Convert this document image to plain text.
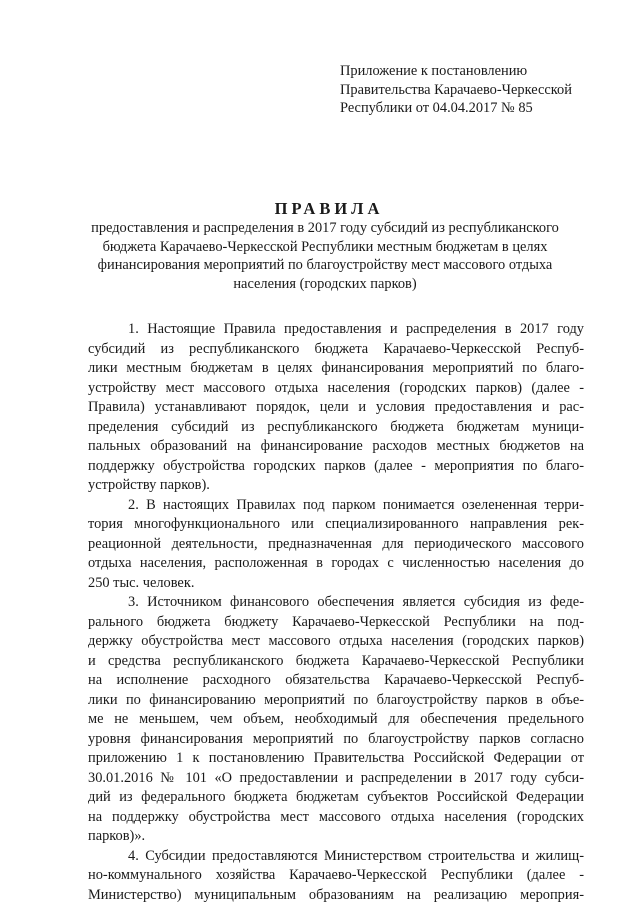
Приложение к постановлению
Правительства Карачаево-Черкесской
Республики от 04.04.2017 № 85
ПРАВИЛА
предоставления и распределения в 2017 году субсидий из республиканского
бюджета Карачаево-Черкесской Республики местным бюджетам в целях
финансирования мероприятий по благоустройству мест массового отдыха
населения (городских парков)
1. Настоящие Правила предоставления и распределения в 2017 году
субсидий из республиканского бюджета Карачаево-Черкесской Респуб-
лики местным бюджетам в целях финансирования мероприятий по благо-
устройству мест массового отдыха населения (городских парков) (далее -
Правила) устанавливают порядок, цели и условия предоставления и рас-
пределения субсидий из республиканского бюджета бюджетам муници-
пальных образований на финансирование расходов местных бюджетов на
поддержку обустройства городских парков (далее - мероприятия по благо-
устройству парков).
2. В настоящих Правилах под парком понимается озелененная терри-
тория многофункционального или специализированного направления рек-
реационной деятельности, предназначенная для периодического массового
отдыха населения, расположенная в городах с численностью населения до
250 тыс. человек.
3. Источником финансового обеспечения является субсидия из феде-
рального бюджета бюджету Карачаево-Черкесской Республики на под-
держку обустройства мест массового отдыха населения (городских парков)
и средства республиканского бюджета Карачаево-Черкесской Республики
на исполнение расходного обязательства Карачаево-Черкесской Респуб-
лики по финансированию мероприятий по благоустройству парков в объе-
ме не меньшем, чем объем, необходимый для обеспечения предельного
уровня финансирования мероприятий по благоустройству парков согласно
приложению 1 к постановлению Правительства Российской Федерации от
30.01.2016 № 101 «О предоставлении и распределении в 2017 году субси-
дий из федерального бюджета бюджетам субъектов Российской Федерации
на поддержку обустройства мест массового отдыха населения (городских
парков)».
4. Субсидии предоставляются Министерством строительства и жилищ-
но-коммунального хозяйства Карачаево-Черкесской Республики (далее -
Министерство) муниципальным образованиям на реализацию мероприя-
